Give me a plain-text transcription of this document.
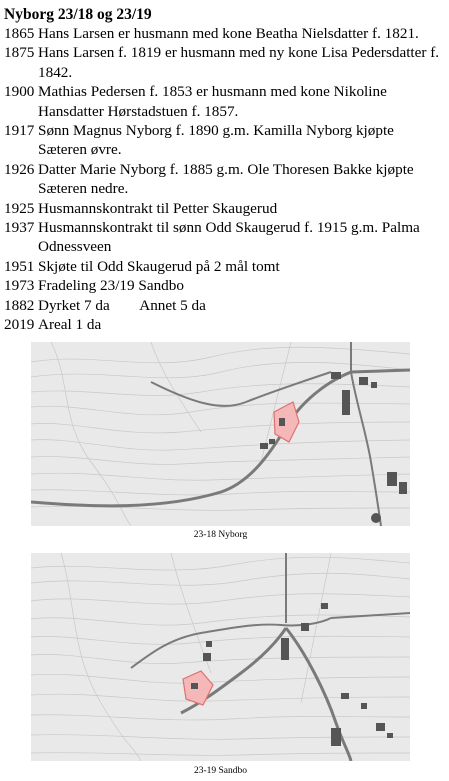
Nyborg 23/18 og 23/19
1865 Hans Larsen er husmann med kone Beatha Nielsdatter f. 1821.
1875 Hans Larsen f. 1819 er husmann med ny kone Lisa Pedersdatter f. 1842.
1900 Mathias Pedersen f. 1853 er husmann med kone Nikoline Hansdatter Hørstadstuen f. 1857.
1917 Sønn Magnus Nyborg f. 1890 g.m. Kamilla Nyborg kjøpte Sæteren øvre.
1926 Datter Marie Nyborg f. 1885 g.m. Ole Thoresen Bakke kjøpte Sæteren nedre.
1925 Husmannskontrakt til Petter Skaugerud
1937 Husmannskontrakt til sønn Odd Skaugerud f. 1915 g.m. Palma Odnessveen
1951 Skjøte til Odd Skaugerud på 2 mål tomt
1973 Fradeling 23/19 Sandbo
1882 Dyrket 7 da        Annet 5 da
2019 Areal 1 da
23-18 Nyborg
23-19 Sandbo
